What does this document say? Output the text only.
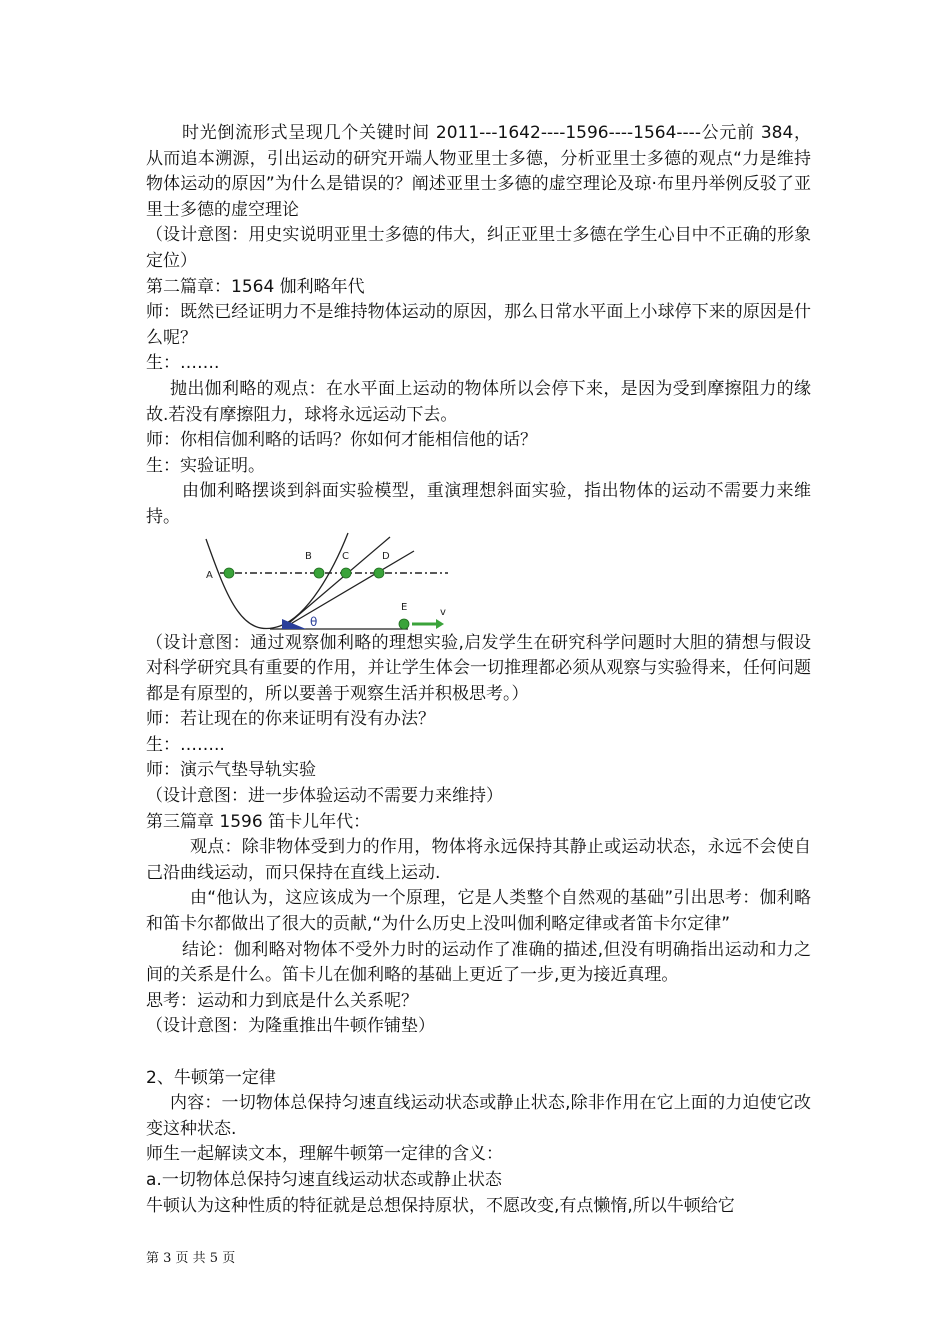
时光倒流形式呈现几个关键时间 2011---1642----1596----1564----公元前 384，从而追本溯源，引出运动的研究开端人物亚里士多德，分析亚里士多德的观点“力是维持物体运动的原因”为什么是错误的？阐述亚里士多德的虚空理论及琼·布里丹举例反驳了亚里士多德的虚空理论

（设计意图：用史实说明亚里士多德的伟大，纠正亚里士多德在学生心目中不正确的形象定位）

第二篇章：1564 伽利略年代

师：既然已经证明力不是维持物体运动的原因，那么日常水平面上小球停下来的原因是什么呢？

生：…….

抛出伽利略的观点：在水平面上运动的物体所以会停下来，是因为受到摩擦阻力的缘故.若没有摩擦阻力，球将永远运动下去。

师：你相信伽利略的话吗？你如何才能相信他的话？

生：实验证明。

由伽利略摆谈到斜面实验模型，重演理想斜面实验，指出物体的运动不需要力来维持。

θ
A
B	C	D
E	v

（设计意图：通过观察伽利略的理想实验,启发学生在研究科学问题时大胆的猜想与假设对科学研究具有重要的作用，并让学生体会一切推理都必须从观察与实验得来，任何问题都是有原型的，所以要善于观察生活并积极思考。）

师：若让现在的你来证明有没有办法？

生：……..

师：演示气垫导轨实验

（设计意图：进一步体验运动不需要力来维持）

第三篇章 1596 笛卡儿年代：

观点：除非物体受到力的作用，物体将永远保持其静止或运动状态，永远不会使自己沿曲线运动，而只保持在直线上运动.

由“他认为，这应该成为一个原理，它是人类整个自然观的基础”引出思考：伽利略和笛卡尔都做出了很大的贡献,“为什么历史上没叫伽利略定律或者笛卡尔定律”

结论：伽利略对物体不受外力时的运动作了准确的描述,但没有明确指出运动和力之间的关系是什么。笛卡儿在伽利略的基础上更近了一步,更为接近真理。

思考：运动和力到底是什么关系呢？

（设计意图：为隆重推出牛顿作铺垫）

2、牛顿第一定律

内容：一切物体总保持匀速直线运动状态或静止状态,除非作用在它上面的力迫使它改变这种状态.

师生一起解读文本，理解牛顿第一定律的含义：

a.一切物体总保持匀速直线运动状态或静止状态

牛顿认为这种性质的特征就是总想保持原状，不愿改变,有点懒惰,所以牛顿给它

第 3 页 共 5 页
